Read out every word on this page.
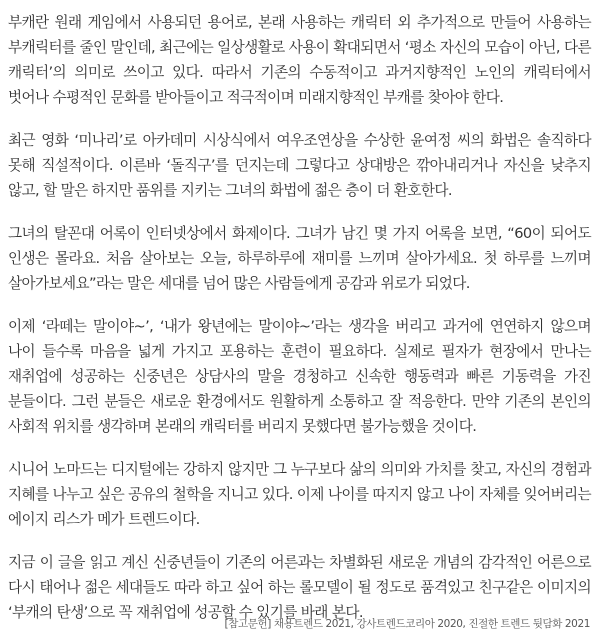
부캐란 원래 게임에서 사용되던 용어로, 본래 사용하는 캐릭터 외 추가적으로 만들어 사용하는 부캐릭터를 줄인 말인데, 최근에는 일상생활로 사용이 확대되면서 ‘평소 자신의 모습이 아닌, 다른 캐릭터’의 의미로 쓰이고 있다. 따라서 기존의 수동적이고 과거지향적인 노인의 캐릭터에서 벗어나 수평적인 문화를 받아들이고 적극적이며 미래지향적인 부캐를 찾아야 한다.

최근 영화 ‘미나리’로 아카데미 시상식에서 여우조연상을 수상한 윤여정 씨의 화법은 솔직하다 못해 직설적이다. 이른바 ‘돌직구’를 던지는데 그렇다고 상대방은 깎아내리거나 자신을 낮추지 않고, 할 말은 하지만 품위를 지키는 그녀의 화법에 젊은 층이 더 환호한다.

그녀의 탈꼰대 어록이 인터넷상에서 화제이다. 그녀가 남긴 몇 가지 어록을 보면, “60이 되어도 인생은 몰라요. 처음 살아보는 오늘, 하루하루에 재미를 느끼며 살아가세요. 첫 하루를 느끼며 살아가보세요”라는 말은 세대를 넘어 많은 사람들에게 공감과 위로가 되었다.

이제 ‘라떼는 말이야~’, ‘내가 왕년에는 말이야~’라는 생각을 버리고 과거에 연연하지 않으며 나이 들수록 마음을 넓게 가지고 포용하는 훈련이 필요하다. 실제로 필자가 현장에서 만나는 재취업에 성공하는 신중년은 상담사의 말을 경청하고 신속한 행동력과 빠른 기동력을 가진 분들이다. 그런 분들은 새로운 환경에서도 원활하게 소통하고 잘 적응한다. 만약 기존의 본인의 사회적 위치를 생각하며 본래의 캐릭터를 버리지 못했다면 불가능했을 것이다.

시니어 노마드는 디지털에는 강하지 않지만 그 누구보다 삶의 의미와 가치를 찾고, 자신의 경험과 지혜를 나누고 싶은 공유의 철학을 지니고 있다. 이제 나이를 따지지 않고 나이 자체를 잊어버리는 에이지 리스가 메가 트렌드이다.

지금 이 글을 읽고 계신 신중년들이 기존의 어른과는 차별화된 새로운 개념의 감각적인 어른으로 다시 태어나 젊은 세대들도 따라 하고 싶어 하는 롤모델이 될 정도로 품격있고 친구같은 이미지의 ‘부캐의 탄생’으로 꼭 재취업에 성공할 수 있기를 바래 본다.

[참고문헌] 채용트렌드 2021, 강사트렌드코리아 2020, 진절한 트렌드 뒷담화 2021
